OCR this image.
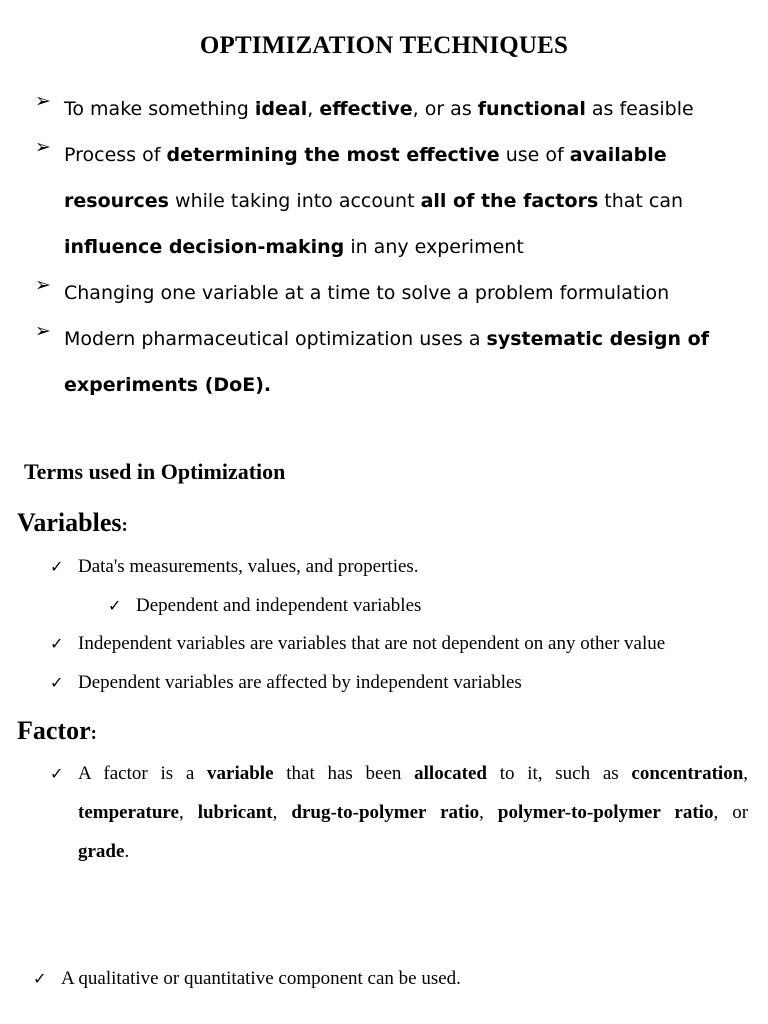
OPTIMIZATION TECHNIQUES
➢ To make something ideal, effective, or as functional as feasible
➢ Process of determining the most effective use of available resources while taking into account all of the factors that can influence decision-making in any experiment
➢ Changing one variable at a time to solve a problem formulation
➢ Modern pharmaceutical optimization uses a systematic design of experiments (DoE).
Terms used in Optimization
Variables:
✓ Data's measurements, values, and properties.
✓ Dependent and independent variables
✓ Independent variables are variables that are not dependent on any other value
✓ Dependent variables are affected by independent variables
Factor:
✓ A factor is a variable that has been allocated to it, such as concentration, temperature, lubricant, drug-to-polymer ratio, polymer-to-polymer ratio, or grade.
✓ A qualitative or quantitative component can be used.
